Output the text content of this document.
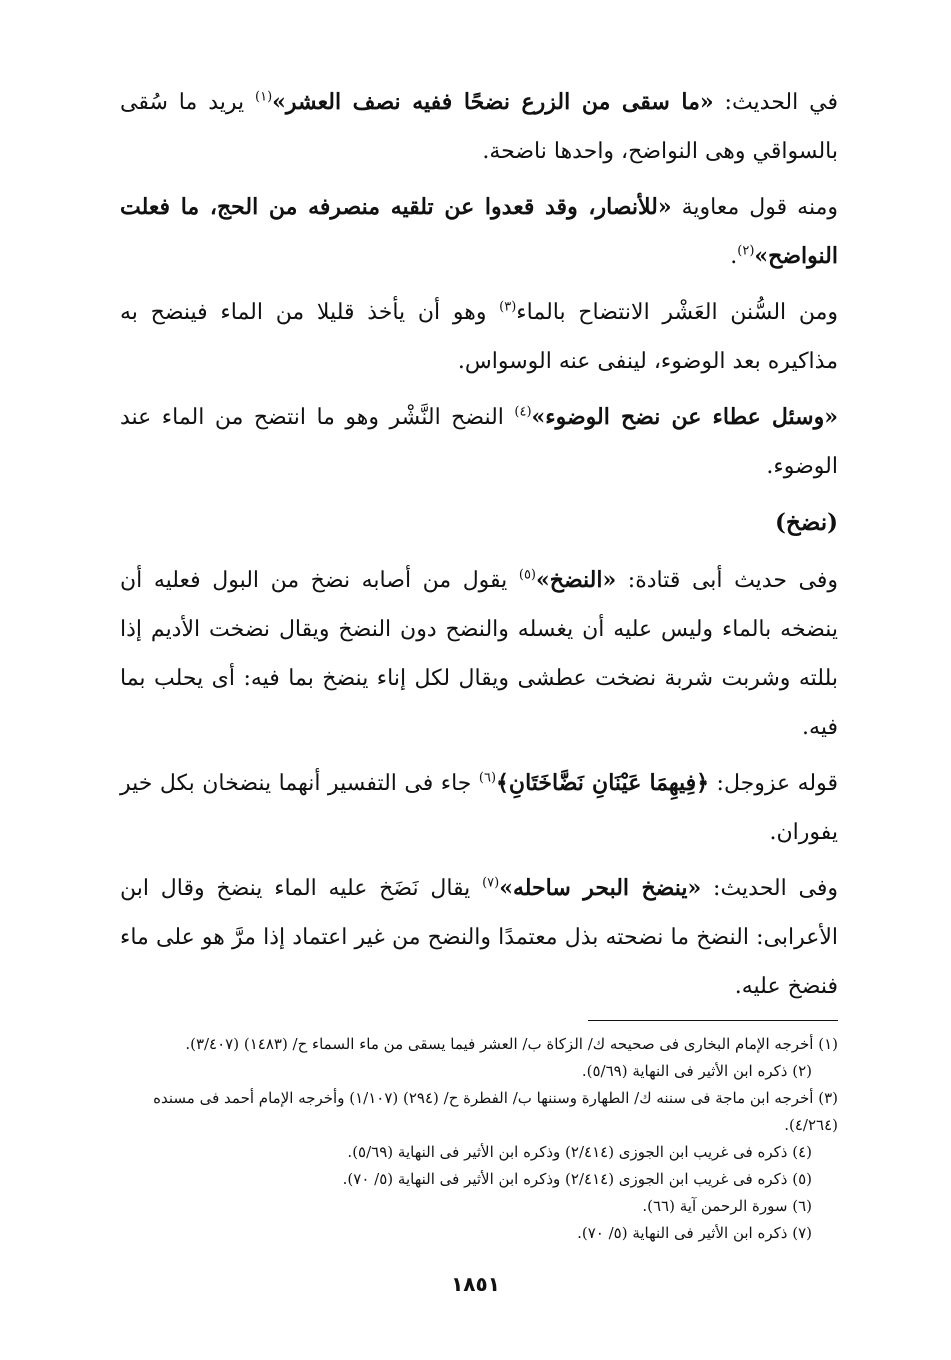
في الحديث: «ما سقى من الزرع نضحًا ففيه نصف العشر»$^{(١)}$ يريد ما سُقى بالسواقي وهى النواضح، واحدها ناضحة.

ومنه قول معاوية «للأنصار، وقد قعدوا عن تلقيه منصرفه من الحج، ما فعلت النواضح»$^{(٢)}$.

ومن السُّنن العَشْر الانتضاح بالماء$^{(٣)}$ وهو أن يأخذ قليلا من الماء فينضح به مذاكيره بعد الوضوء، لينفى عنه الوسواس.

«وسئل عطاء عن نضح الوضوء»$^{(٤)}$ النضح النَّشْر وهو ما انتضح من الماء عند الوضوء.

(نضخ)

وفى حديث أبى قتادة: «النضخ»$^{(٥)}$ يقول من أصابه نضخ من البول فعليه أن ينضخه بالماء وليس عليه أن يغسله والنضح دون النضخ ويقال نضخت الأديم إذا بللته وشربت شربة نضخت عطشى ويقال لكل إناء ينضخ بما فيه: أى يحلب بما فيه.

قوله عزوجل: ﴿فِيهِمَا عَيْنَانِ نَضَّاخَتَانِ﴾$^{(٦)}$ جاء فى التفسير أنهما ينضخان بكل خير يفوران.

وفى الحديث: «ينضخ البحر ساحله»$^{(٧)}$ يقال نَضَخ عليه الماء ينضخ وقال ابن الأعرابى: النضخ ما نضحته بذل معتمدًا والنضح من غير اعتماد إذا مرَّ هو على ماء فنضخ عليه.

(١) أخرجه الإمام البخارى فى صحيحه ك/ الزكاة ب/ العشر فيما يسقى من ماء السماء ح/ (١٤٨٣) (٣/٤٠٧).
(٢) ذكره ابن الأثير فى النهاية (٥/٦٩).
(٣) أخرجه ابن ماجة فى سننه ك/ الطهارة وسننها ب/ الفطرة ح/ (٢٩٤) (١/١٠٧) وأخرجه الإمام أحمد فى مسنده (٤/٢٦٤).
(٤) ذكره فى غريب ابن الجوزى (٢/٤١٤) وذكره ابن الأثير فى النهاية (٥/٦٩).
(٥) ذكره فى غريب ابن الجوزى (٢/٤١٤) وذكره ابن الأثير فى النهاية (٥/ ٧٠).
(٦) سورة الرحمن آية (٦٦).
(٧) ذكره ابن الأثير فى النهاية (٥/ ٧٠).
١٨٥١
